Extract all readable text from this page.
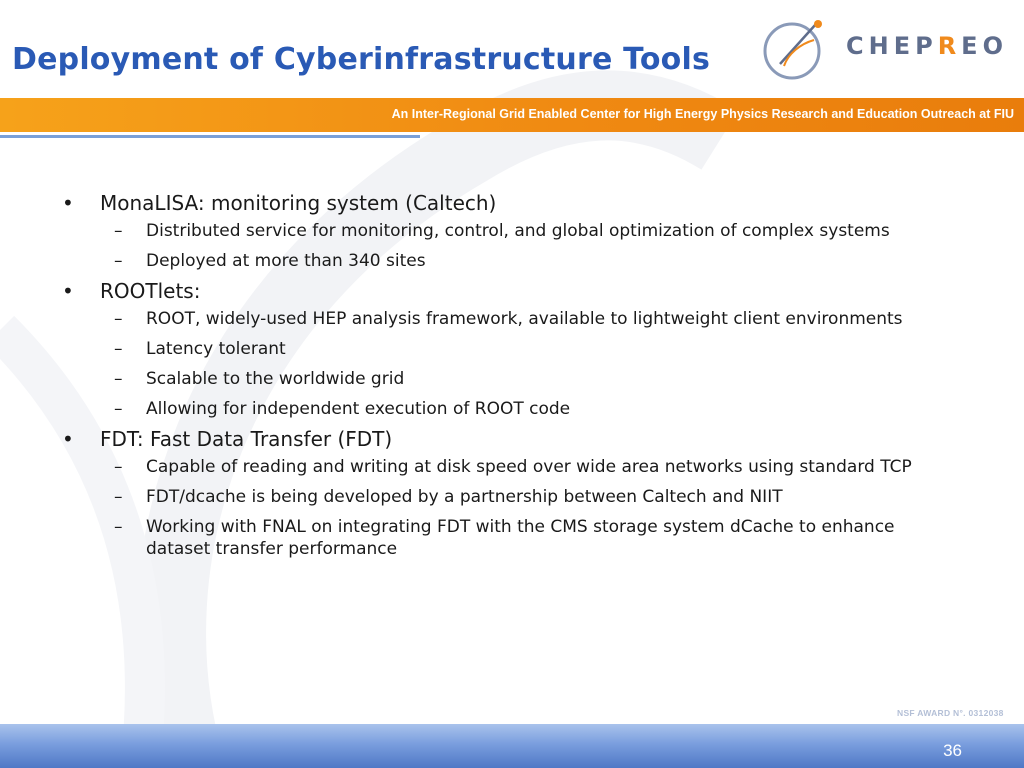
Deployment of Cyberinfrastructure Tools	CHEPREO

An Inter-Regional Grid Enabled Center for High Energy Physics Research and Education Outreach at FIU

• MonaLISA: monitoring system (Caltech)
– Distributed service for monitoring, control, and global optimization of complex systems
– Deployed at more than 340 sites
• ROOTlets:
– ROOT, widely-used HEP analysis framework, available to lightweight client environments
– Latency tolerant
– Scalable to the worldwide grid
– Allowing for independent execution of ROOT code
• FDT: Fast Data Transfer (FDT)
– Capable of reading and writing at disk speed over wide area networks using standard TCP
– FDT/dcache is being developed by a partnership between Caltech and NIIT
– Working with FNAL on integrating FDT with the CMS storage system dCache to enhance dataset transfer performance

NSF AWARD N°. 0312038

36
